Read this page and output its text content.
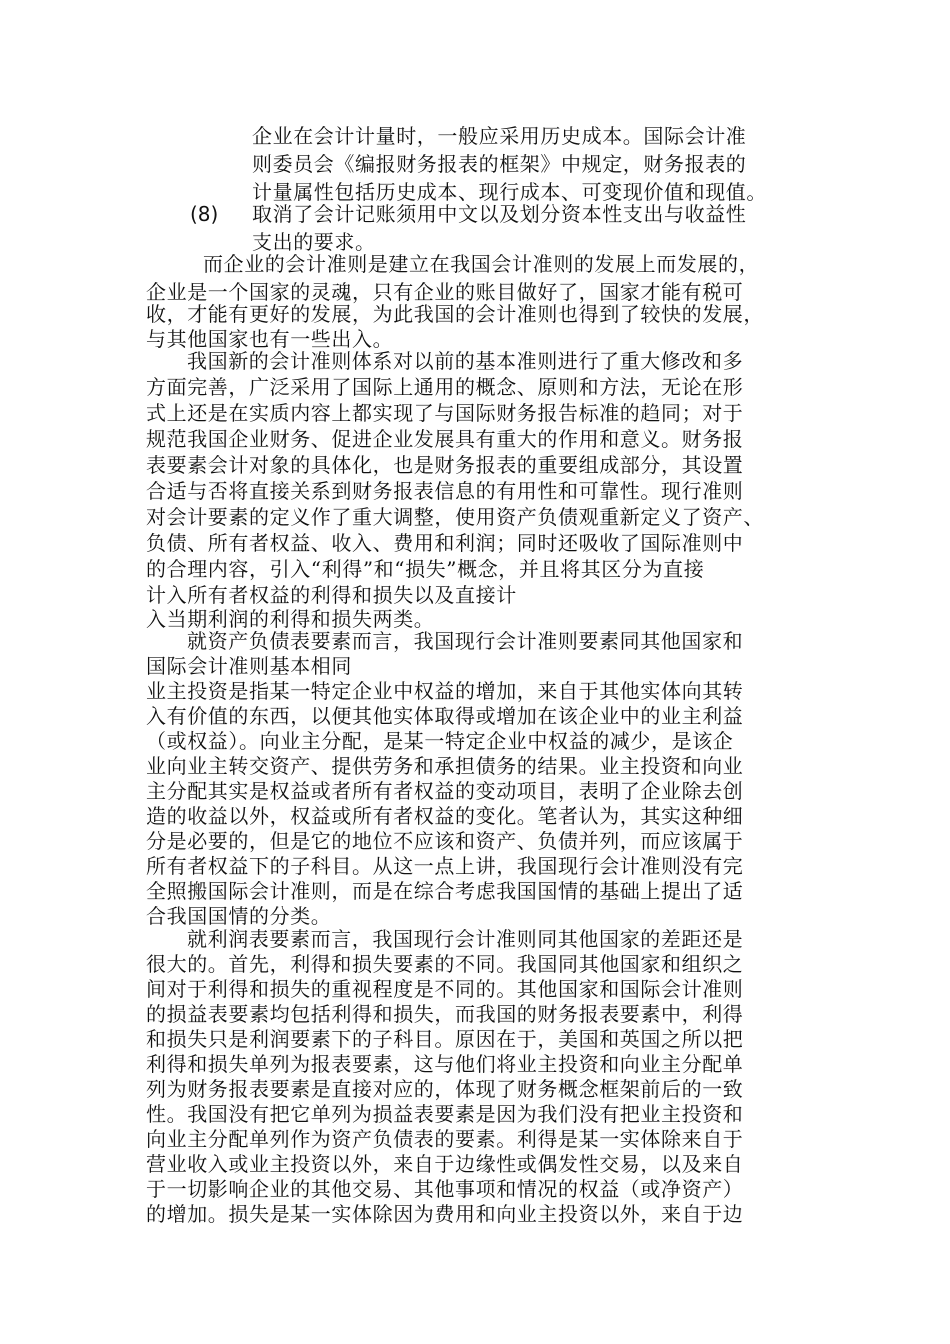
企业在会计计量时，一般应采用历史成本。国际会计准
则委员会《编报财务报表的框架》中规定，财务报表的
计量属性包括历史成本、现行成本、可变现价值和现值。
(8) 取消了会计记账须用中文以及划分资本性支出与收益性
支出的要求。
而企业的会计准则是建立在我国会计准则的发展上而发展的，
企业是一个国家的灵魂，只有企业的账目做好了，国家才能有税可
收，才能有更好的发展，为此我国的会计准则也得到了较快的发展，
与其他国家也有一些出入。
我国新的会计准则体系对以前的基本准则进行了重大修改和多
方面完善，广泛采用了国际上通用的概念、原则和方法，无论在形
式上还是在实质内容上都实现了与国际财务报告标准的趋同；对于
规范我国企业财务、促进企业发展具有重大的作用和意义。财务报
表要素会计对象的具体化，也是财务报表的重要组成部分，其设置
合适与否将直接关系到财务报表信息的有用性和可靠性。现行准则
对会计要素的定义作了重大调整，使用资产负债观重新定义了资产、
负债、所有者权益、收入、费用和利润；同时还吸收了国际准则中
的合理内容，引入“利得”和“损失”概念，并且将其区分为直接
计入所有者权益的利得和损失以及直接计
入当期利润的利得和损失两类。
就资产负债表要素而言，我国现行会计准则要素同其他国家和
国际会计准则基本相同
业主投资是指某一特定企业中权益的增加，来自于其他实体向其转
入有价值的东西，以便其他实体取得或增加在该企业中的业主利益
（或权益）。向业主分配，是某一特定企业中权益的减少，是该企
业向业主转交资产、提供劳务和承担债务的结果。业主投资和向业
主分配其实是权益或者所有者权益的变动项目，表明了企业除去创
造的收益以外，权益或所有者权益的变化。笔者认为，其实这种细
分是必要的，但是它的地位不应该和资产、负债并列，而应该属于
所有者权益下的子科目。从这一点上讲，我国现行会计准则没有完
全照搬国际会计准则，而是在综合考虑我国国情的基础上提出了适
合我国国情的分类。
就利润表要素而言，我国现行会计准则同其他国家的差距还是
很大的。首先，利得和损失要素的不同。我国同其他国家和组织之
间对于利得和损失的重视程度是不同的。其他国家和国际会计准则
的损益表要素均包括利得和损失，而我国的财务报表要素中，利得
和损失只是利润要素下的子科目。原因在于，美国和英国之所以把
利得和损失单列为报表要素，这与他们将业主投资和向业主分配单
列为财务报表要素是直接对应的，体现了财务概念框架前后的一致
性。我国没有把它单列为损益表要素是因为我们没有把业主投资和
向业主分配单列作为资产负债表的要素。利得是某一实体除来自于
营业收入或业主投资以外，来自于边缘性或偶发性交易，以及来自
于一切影响企业的其他交易、其他事项和情况的权益（或净资产）
的增加。损失是某一实体除因为费用和向业主投资以外，来自于边
